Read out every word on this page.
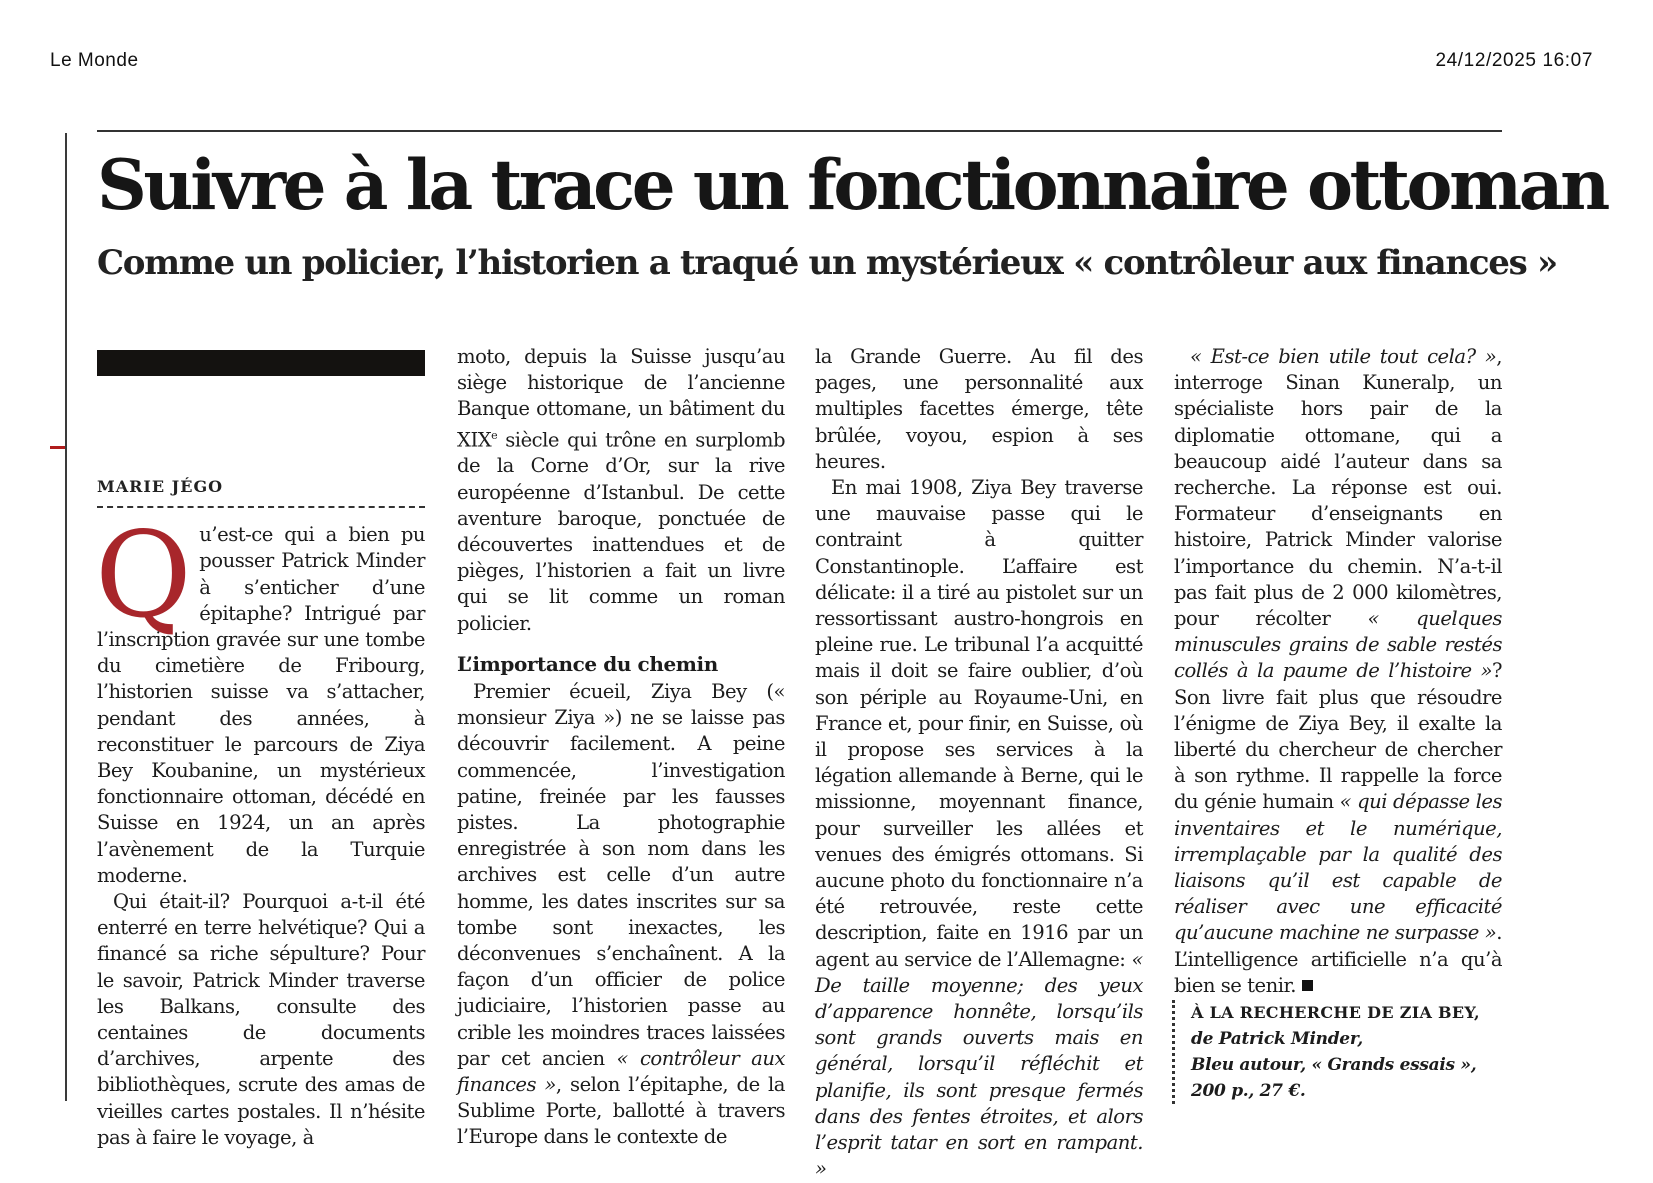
Le Monde	24/12/2025 16:07
Suivre à la trace un fonctionnaire ottoman
Comme un policier, l’historien a traqué un mystérieux « contrôleur aux finances »
MARIE JÉGO

Qu’est-ce qui a bien pu pousser Patrick Minder à s’enticher d’une épitaphe? Intrigué par l’inscription gravée sur une tombe du cimetière de Fribourg, l’historien suisse va s’attacher, pendant des années, à reconstituer le parcours de Ziya Bey Koubanine, un mystérieux fonctionnaire ottoman, décédé en Suisse en 1924, un an après l’avènement de la Turquie moderne.

Qui était-il? Pourquoi a-t-il été enterré en terre helvétique? Qui a financé sa riche sépulture? Pour le savoir, Patrick Minder traverse les Balkans, consulte des centaines de documents d’archives, arpente des bibliothèques, scrute des amas de vieilles cartes postales. Il n’hésite pas à faire le voyage, à

moto, depuis la Suisse jusqu’au siège historique de l’ancienne Banque ottomane, un bâtiment du XIXe siècle qui trône en surplomb de la Corne d’Or, sur la rive européenne d’Istanbul. De cette aventure baroque, ponctuée de découvertes inattendues et de pièges, l’historien a fait un livre qui se lit comme un roman policier.

L’importance du chemin

Premier écueil, Ziya Bey (« monsieur Ziya ») ne se laisse pas découvrir facilement. A peine commencée, l’investigation patine, freinée par les fausses pistes. La photographie enregistrée à son nom dans les archives est celle d’un autre homme, les dates inscrites sur sa tombe sont inexactes, les déconvenues s’enchaînent. A la façon d’un officier de police judiciaire, l’historien passe au crible les moindres traces laissées par cet ancien « contrôleur aux finances », selon l’épitaphe, de la Sublime Porte, ballotté à travers l’Europe dans le contexte de

la Grande Guerre. Au fil des pages, une personnalité aux multiples facettes émerge, tête brûlée, voyou, espion à ses heures.

En mai 1908, Ziya Bey traverse une mauvaise passe qui le contraint à quitter Constantinople. L’affaire est délicate: il a tiré au pistolet sur un ressortissant austro-hongrois en pleine rue. Le tribunal l’a acquitté mais il doit se faire oublier, d’où son périple au Royaume-Uni, en France et, pour finir, en Suisse, où il propose ses services à la légation allemande à Berne, qui le missionne, moyennant finance, pour surveiller les allées et venues des émigrés ottomans. Si aucune photo du fonctionnaire n’a été retrouvée, reste cette description, faite en 1916 par un agent au service de l’Allemagne: « De taille moyenne; des yeux d’apparence honnête, lorsqu’ils sont grands ouverts mais en général, lorsqu’il réfléchit et planifie, ils sont presque fermés dans des fentes étroites, et alors l’esprit tatar en sort en rampant. »

« Est-ce bien utile tout cela? », interroge Sinan Kuneralp, un spécialiste hors pair de la diplomatie ottomane, qui a beaucoup aidé l’auteur dans sa recherche. La réponse est oui. Formateur d’enseignants en histoire, Patrick Minder valorise l’importance du chemin. N’a-t-il pas fait plus de 2 000 kilomètres, pour récolter « quelques minuscules grains de sable restés collés à la paume de l’histoire »? Son livre fait plus que résoudre l’énigme de Ziya Bey, il exalte la liberté du chercheur de chercher à son rythme. Il rappelle la force du génie humain « qui dépasse les inventaires et le numérique, irremplaçable par la qualité des liaisons qu’il est capable de réaliser avec une efficacité qu’aucune machine ne surpasse ». L’intelligence artificielle n’a qu’à bien se tenir.

À LA RECHERCHE DE ZIA BEY,
de Patrick Minder,
Bleu autour, « Grands essais »,
200 p., 27 €.
